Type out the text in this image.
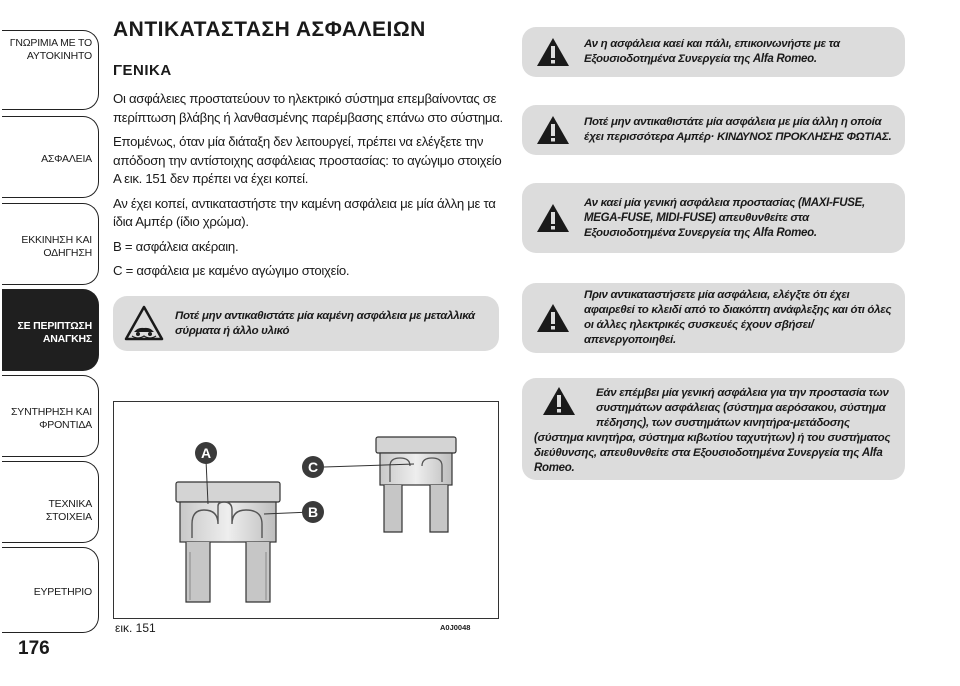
ΓΝΩΡΙΜΙΑ ΜΕ ΤΟ
ΑΥΤΟΚΙΝΗΤΟ
ΑΣΦΑΛΕΙΑ
ΕΚΚΙΝΗΣΗ ΚΑΙ
ΟΔΗΓΗΣΗ
ΣΕ ΠΕΡΙΠΤΩΣΗ
ΑΝΑΓΚΗΣ
ΣΥΝΤΗΡΗΣΗ ΚΑΙ
ΦΡΟΝΤΙΔΑ
ΤΕΧΝΙΚΑ ΣΤΟΙΧΕΙΑ
ΕΥΡΕΤΗΡΙΟ
176
ΑΝΤΙΚΑΤΑΣΤΑΣΗ ΑΣΦΑΛΕΙΩΝ
ΓΕΝΙΚΑ
Οι ασφάλειες προστατεύουν το ηλεκτρικό σύστημα επεμβαίνοντας σε περίπτωση βλάβης ή λανθασμένης παρέμβασης επάνω στο σύστημα.
Επομένως, όταν μία διάταξη δεν λειτουργεί, πρέπει να ελέγξετε την απόδοση την αντίστοιχης ασφάλειας προστασίας: το αγώγιμο στοιχείο A εικ. 151 δεν πρέπει να έχει κοπεί.
Αν έχει κοπεί, αντικαταστήστε την καμένη ασφάλεια με μία άλλη με τα ίδια Αμπέρ (ίδιο χρώμα).
B = ασφάλεια ακέραιη.
C = ασφάλεια με καμένο αγώγιμο στοιχείο.
Ποτέ μην αντικαθιστάτε μία καμένη ασφάλεια με μεταλλικά σύρματα ή άλλο υλικό
A
C
B
εικ. 151	A0J0048
Αν η ασφάλεια καεί και πάλι, επικοινωνήστε με τα Εξουσιοδοτημένα Συνεργεία της Alfa Romeo.
Ποτέ μην αντικαθιστάτε μία ασφάλεια με μία άλλη η οποία έχει περισσότερα Αμπέρ· ΚΙΝΔΥΝΟΣ ΠΡΟΚΛΗΣΗΣ ΦΩΤΙΑΣ.
Αν καεί μία γενική ασφάλεια προστασίας (MAXI-FUSE, MEGA-FUSE, MIDI-FUSE) απευθυνθείτε στα Εξουσιοδοτημένα Συνεργεία της Alfa Romeo.
Πριν αντικαταστήσετε μία ασφάλεια, ελέγξτε ότι έχει αφαιρεθεί το κλειδί από το διακόπτη ανάφλεξης και ότι όλες οι άλλες ηλεκτρικές συσκευές έχουν σβήσει/απενεργοποιηθεί.
Εάν επέμβει μία γενική ασφάλεια για την προστασία των συστημάτων ασφάλειας (σύστημα αερόσακου, σύστημα πέδησης), των συστημάτων κινητήρα-μετάδοσης (σύστημα κινητήρα, σύστημα κιβωτίου ταχυτήτων) ή του συστήματος διεύθυνσης, απευθυνθείτε στα Εξουσιοδοτημένα Συνεργεία της Alfa Romeo.
